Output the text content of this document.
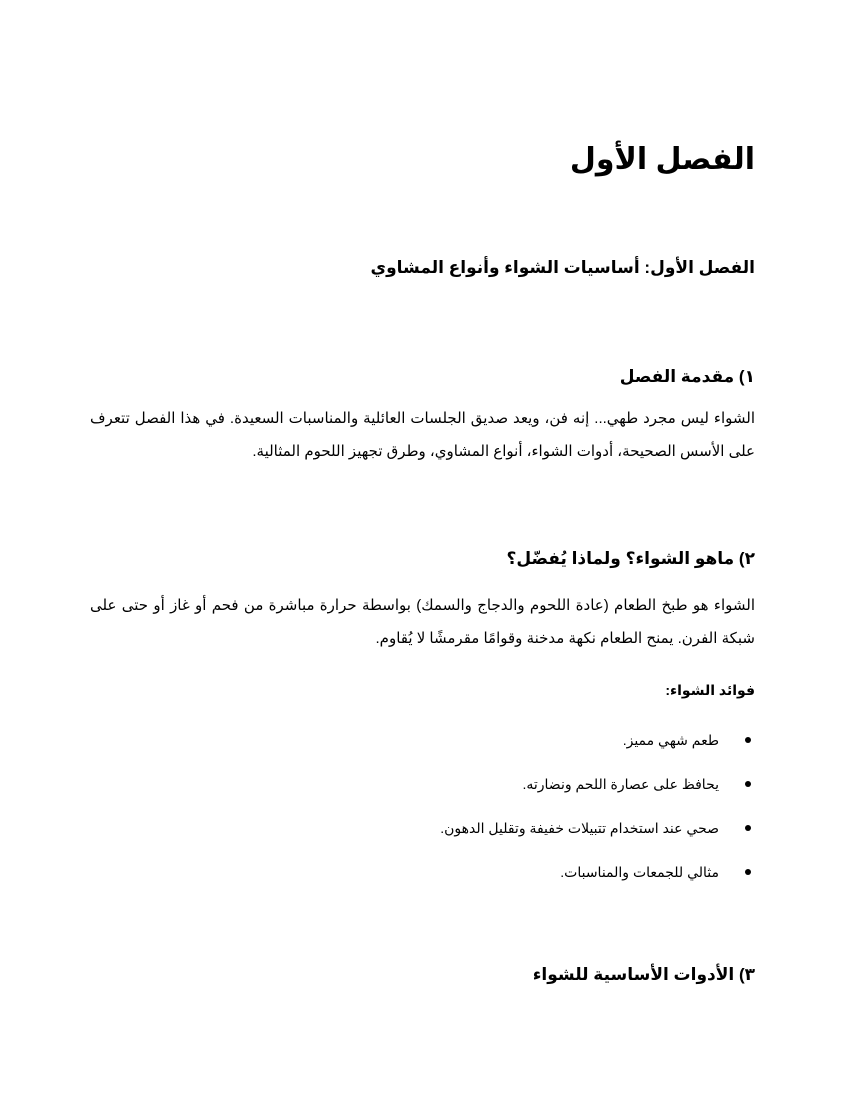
الفصل الأول
الفصل الأول: أساسيات الشواء وأنواع المشاوي
١) مقدمة الفصل

الشواء ليس مجرد طهي... إنه فن، ويعد صديق الجلسات العائلية والمناسبات السعيدة. في هذا الفصل تتعرف على الأسس الصحيحة، أدوات الشواء، أنواع المشاوي، وطرق تجهيز اللحوم المثالية.

٢) ماهو الشواء؟ ولماذا يُفضّل؟

الشواء هو طبخ الطعام (عادة اللحوم والدجاج والسمك) بواسطة حرارة مباشرة من فحم أو غاز أو حتى على شبكة الفرن. يمنح الطعام نكهة مدخنة وقوامًا مقرمشًا لا يُقاوم.

فوائد الشواء:

طعم شهي مميز.
يحافظ على عصارة اللحم ونضارته.
صحي عند استخدام تتبيلات خفيفة وتقليل الدهون.
مثالي للجمعات والمناسبات.
٣) الأدوات الأساسية للشواء
